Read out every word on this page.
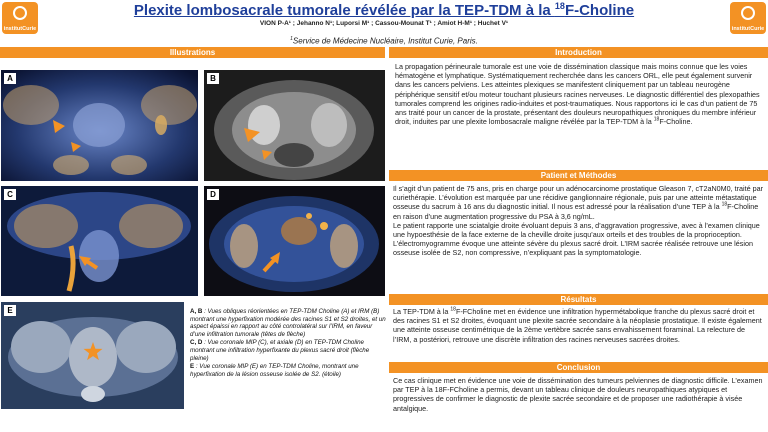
institutCurie	institutCurie
Plexite lombosacrale tumorale révélée par la TEP-TDM à la $^{18}$F-Choline
VION P-A¹ ; Jehanno N¹; Luporsi M¹ ; Cassou-Mounat T¹ ; Amiot H-M¹ ; Huchet V¹
$^1$Service de Médecine Nucléaire, Institut Curie, Paris.
Illustrations	Introduction
Patient et Méthodes
Résultats
Conclusion
A	B
C	D
E	A, B : Vues obliques réorientées en TEP-TDM Choline (A) et IRM (B) montrant une hyperfixation modérée des racines S1 et S2 droites, et un aspect épaissi en rapport au côté controlatéral sur l’IRM, en faveur d’une infiltration tumorale (têtes de flèche)

C, D : Vue coronale MIP (C), et axiale (D) en TEP-TDM Choline montrant une infiltration hyperfixante du plexus sacré droit (flèche pleine)

E : Vue coronale MIP (E) en TEP-TDM Choline, montrant une hyperfixation de la lésion osseuse isolée de S2. (étoile)

La propagation périneurale tumorale est une voie de dissémination classique mais moins connue que les voies hématogène et lymphatique. Systématiquement recherchée dans les cancers ORL, elle peut également survenir dans les cancers pelviens. Les atteintes plexiques se manifestent cliniquement par un tableau neurogène périphérique sensitif et/ou moteur touchant plusieurs racines nerveuses. Le diagnostic différentiel des plexopathies tumorales comprend les origines radio-induites et post-traumatiques. Nous rapportons ici le cas d’un patient de 75 ans traité pour un cancer de la prostate, présentant des douleurs neuropathiques chroniques du membre inférieur droit, induites par une plexite lombosacrale maligne révélée par la TEP-TDM à la $^{18}$F-Choline.

Il s’agit d’un patient de 75 ans, pris en charge pour un adénocarcinome prostatique Gleason 7, cT2aN0M0, traité par curiethérapie. L’évolution est marquée par une récidive ganglionnaire régionale, puis par une atteinte métastatique osseuse du sacrum à 16 ans du diagnostic initial. Il nous est adressé pour la réalisation d’une TEP à la $^{18}$F-Choline en raison d’une augmentation progressive du PSA à 3,6 ng/mL.

Le patient rapporte une sciatalgie droite évoluant depuis 3 ans, d’aggravation progressive, avec à l’examen clinique une hypoesthésie de la face externe de la cheville droite jusqu’aux orteils et des troubles de la proprioception. L’électromyogramme évoque une atteinte sévère du plexus sacré droit. L’IRM sacrée réalisée retrouve une lésion osseuse isolée de S2, non compressive, n’expliquant pas la symptomatologie.

La TEP-TDM à la $^{18}$F-FCholine met en évidence une infiltration hypermétabolique franche du plexus sacré droit et des racines S1 et S2 droites, évoquant une plexite sacrée secondaire à la néoplasie prostatique. Il existe également une atteinte osseuse centimétrique de la 2ème vertèbre sacrée sans envahissement foraminal. La relecture de l’IRM, a postériori, retrouve une discrète infiltration des racines nerveuses sacrées droites.

Ce cas clinique met en évidence une voie de dissémination des tumeurs pelviennes de diagnostic difficile. L’examen par TEP à la 18F-FCholine a permis, devant un tableau clinique de douleurs neuropathiques atypiques et progressives de confirmer le diagnostic de plexite sacrée secondaire et de proposer une radiothérapie à visée antalgique.
